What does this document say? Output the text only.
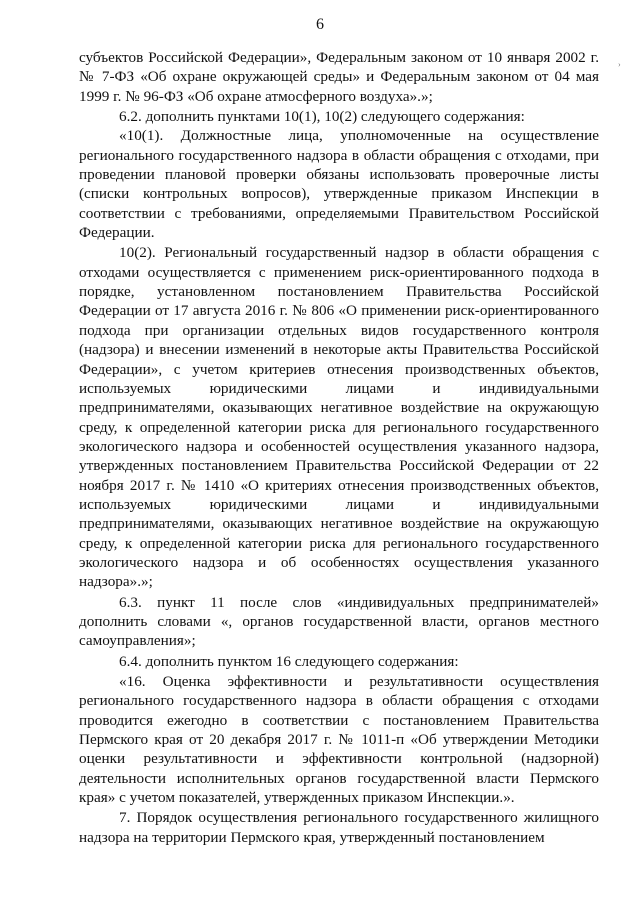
6
›

субъектов Российской Федерации», Федеральным законом от 10 января 2002 г. № 7-ФЗ «Об охране окружающей среды» и Федеральным законом от 04 мая 1999 г. № 96-ФЗ «Об охране атмосферного воздуха».»;

6.2. дополнить пунктами 10(1), 10(2) следующего содержания:

«10(1). Должностные лица, уполномоченные на осуществление регионального государственного надзора в области обращения с отходами, при проведении плановой проверки обязаны использовать проверочные листы (списки контрольных вопросов), утвержденные приказом Инспекции в соответствии с требованиями, определяемыми Правительством Российской Федерации.

10(2). Региональный государственный надзор в области обращения с отходами осуществляется с применением риск-ориентированного подхода в порядке, установленном постановлением Правительства Российской Федерации от 17 августа 2016 г. № 806 «О применении риск-ориентированного подхода при организации отдельных видов государственного контроля (надзора) и внесении изменений в некоторые акты Правительства Российской Федерации», с учетом критериев отнесения производственных объектов, используемых юридическими лицами и индивидуальными предпринимателями, оказывающих негативное воздействие на окружающую среду, к определенной категории риска для регионального государственного экологического надзора и особенностей осуществления указанного надзора, утвержденных постановлением Правительства Российской Федерации от 22 ноября 2017 г. № 1410 «О критериях отнесения производственных объектов, используемых юридическими лицами и индивидуальными предпринимателями, оказывающих негативное воздействие на окружающую среду, к определенной категории риска для регионального государственного экологического надзора и об особенностях осуществления указанного надзора».»;

6.3. пункт 11 после слов «индивидуальных предпринимателей» дополнить словами «, органов государственной власти, органов местного самоуправления»;

6.4. дополнить пунктом 16 следующего содержания:

«16. Оценка эффективности и результативности осуществления регионального государственного надзора в области обращения с отходами проводится ежегодно в соответствии с постановлением Правительства Пермского края от 20 декабря 2017 г. № 1011-п «Об утверждении Методики оценки результативности и эффективности контрольной (надзорной) деятельности исполнительных органов государственной власти Пермского края» с учетом показателей, утвержденных приказом Инспекции.».

7. Порядок осуществления регионального государственного жилищного надзора на территории Пермского края, утвержденный постановлением
